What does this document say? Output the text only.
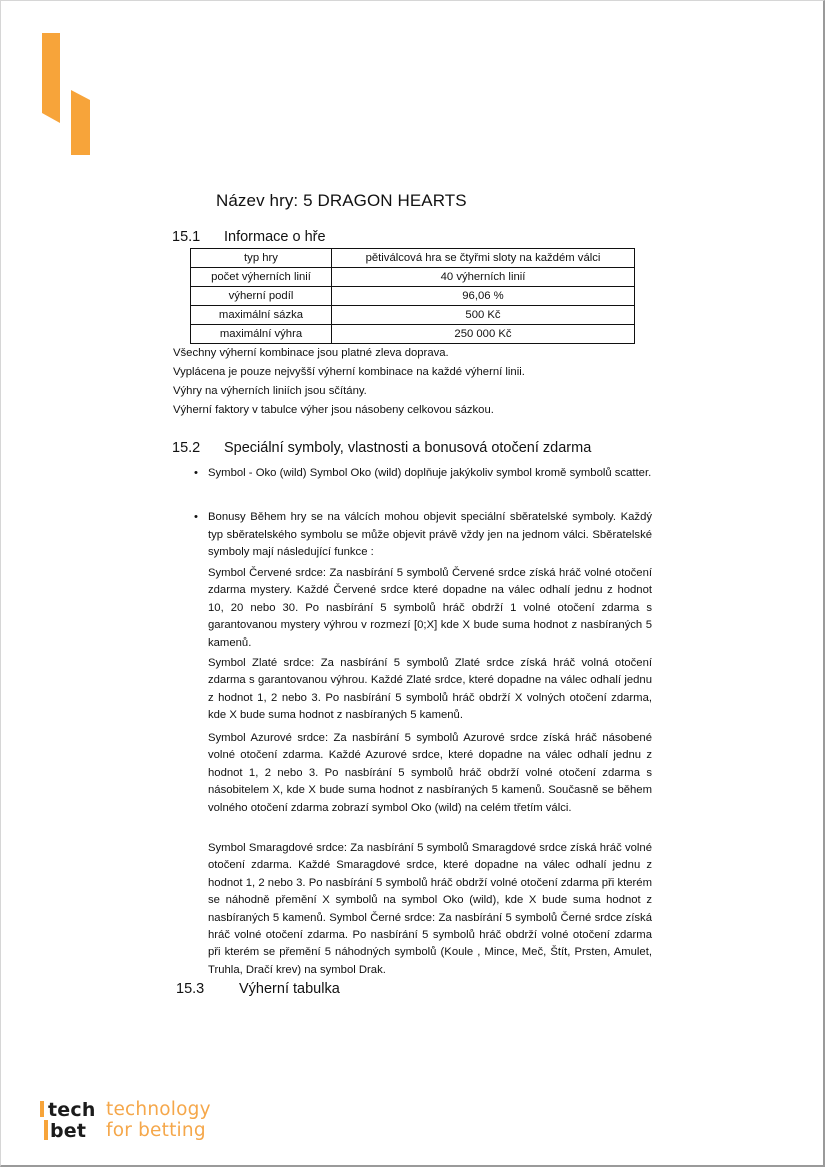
Název hry: 5 DRAGON HEARTS
15.1 Informace o hře
typ hry	pětiválcová hra se čtyřmi sloty na každém válci
počet výherních linií	40 výherních linií
výherní podíl	96,06 %
maximální sázka	500 Kč
maximální výhra	250 000 Kč
Všechny výherní kombinace jsou platné zleva doprava.
Vyplácena je pouze nejvyšší výherní kombinace na každé výherní linii.
Výhry na výherních liniích jsou sčítány.
Výherní faktory v tabulce výher jsou násobeny celkovou sázkou.
15.2 Speciální symboly, vlastnosti a bonusová otočení zdarma
• Symbol - Oko (wild) Symbol Oko (wild) doplňuje jakýkoliv symbol kromě symbolů scatter.
• Bonusy Během hry se na válcích mohou objevit speciální sběratelské symboly. Každý typ sběratelského symbolu se může objevit právě vždy jen na jednom válci. Sběratelské symboly mají následující funkce :
Symbol Červené srdce: Za nasbírání 5 symbolů Červené srdce získá hráč volné otočení zdarma mystery. Každé Červené srdce které dopadne na válec odhalí jednu z hodnot 10, 20 nebo 30. Po nasbírání 5 symbolů hráč obdrží 1 volné otočení zdarma s garantovanou mystery výhrou v rozmezí [0;X] kde X bude suma hodnot z nasbíraných 5 kamenů.
Symbol Zlaté srdce: Za nasbírání 5 symbolů Zlaté srdce získá hráč volná otočení zdarma s garantovanou výhrou. Každé Zlaté srdce, které dopadne na válec odhalí jednu z hodnot 1, 2 nebo 3. Po nasbírání 5 symbolů hráč obdrží X volných otočení zdarma, kde X bude suma hodnot z nasbíraných 5 kamenů.
Symbol Azurové srdce: Za nasbírání 5 symbolů Azurové srdce získá hráč násobené volné otočení zdarma. Každé Azurové srdce, které dopadne na válec odhalí jednu z hodnot 1, 2 nebo 3. Po nasbírání 5 symbolů hráč obdrží volné otočení zdarma s násobitelem X, kde X bude suma hodnot z nasbíraných 5 kamenů. Současně se během volného otočení zdarma zobrazí symbol Oko (wild) na celém třetím válci.
Symbol Smaragdové srdce: Za nasbírání 5 symbolů Smaragdové srdce získá hráč volné otočení zdarma. Každé Smaragdové srdce, které dopadne na válec odhalí jednu z hodnot 1, 2 nebo 3. Po nasbírání 5 symbolů hráč obdrží volné otočení zdarma při kterém se náhodně přemění X symbolů na symbol Oko (wild), kde X bude suma hodnot z nasbíraných 5 kamenů. Symbol Černé srdce: Za nasbírání 5 symbolů Černé srdce získá hráč volné otočení zdarma. Po nasbírání 5 symbolů hráč obdrží volné otočení zdarma při kterém se přemění 5 náhodných symbolů (Koule , Mince, Meč, Štít, Prsten, Amulet, Truhla, Dračí krev) na symbol Drak.
15.3 Výherní tabulka
tech
bet
technology
for betting
